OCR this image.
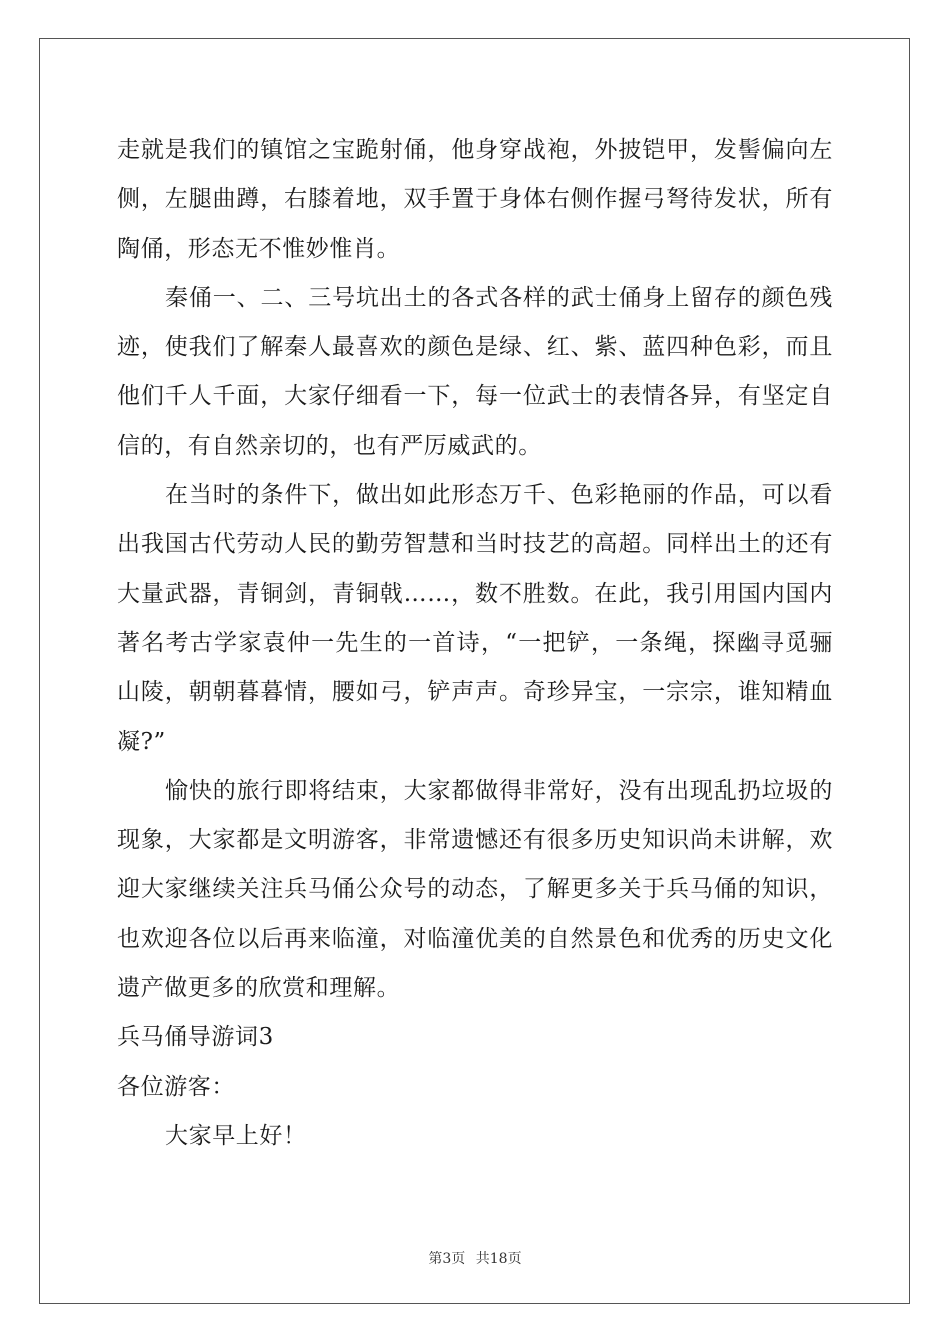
走就是我们的镇馆之宝跪射俑，他身穿战袍，外披铠甲，发髻偏向左侧，左腿曲蹲，右膝着地，双手置于身体右侧作握弓弩待发状，所有陶俑，形态无不惟妙惟肖。

秦俑一、二、三号坑出土的各式各样的武士俑身上留存的颜色残迹，使我们了解秦人最喜欢的颜色是绿、红、紫、蓝四种色彩，而且他们千人千面，大家仔细看一下，每一位武士的表情各异，有坚定自信的，有自然亲切的，也有严厉威武的。

在当时的条件下，做出如此形态万千、色彩艳丽的作品，可以看出我国古代劳动人民的勤劳智慧和当时技艺的高超。同样出土的还有大量武器，青铜剑，青铜戟……，数不胜数。在此，我引用国内国内著名考古学家袁仲一先生的一首诗，“一把铲，一条绳，探幽寻觅骊山陵，朝朝暮暮情，腰如弓，铲声声。奇珍异宝，一宗宗，谁知精血凝?”

愉快的旅行即将结束，大家都做得非常好，没有出现乱扔垃圾的现象，大家都是文明游客，非常遗憾还有很多历史知识尚未讲解，欢迎大家继续关注兵马俑公众号的动态，了解更多关于兵马俑的知识，也欢迎各位以后再来临潼，对临潼优美的自然景色和优秀的历史文化遗产做更多的欣赏和理解。

兵马俑导游词3

各位游客：

大家早上好！

第3页 共18页
